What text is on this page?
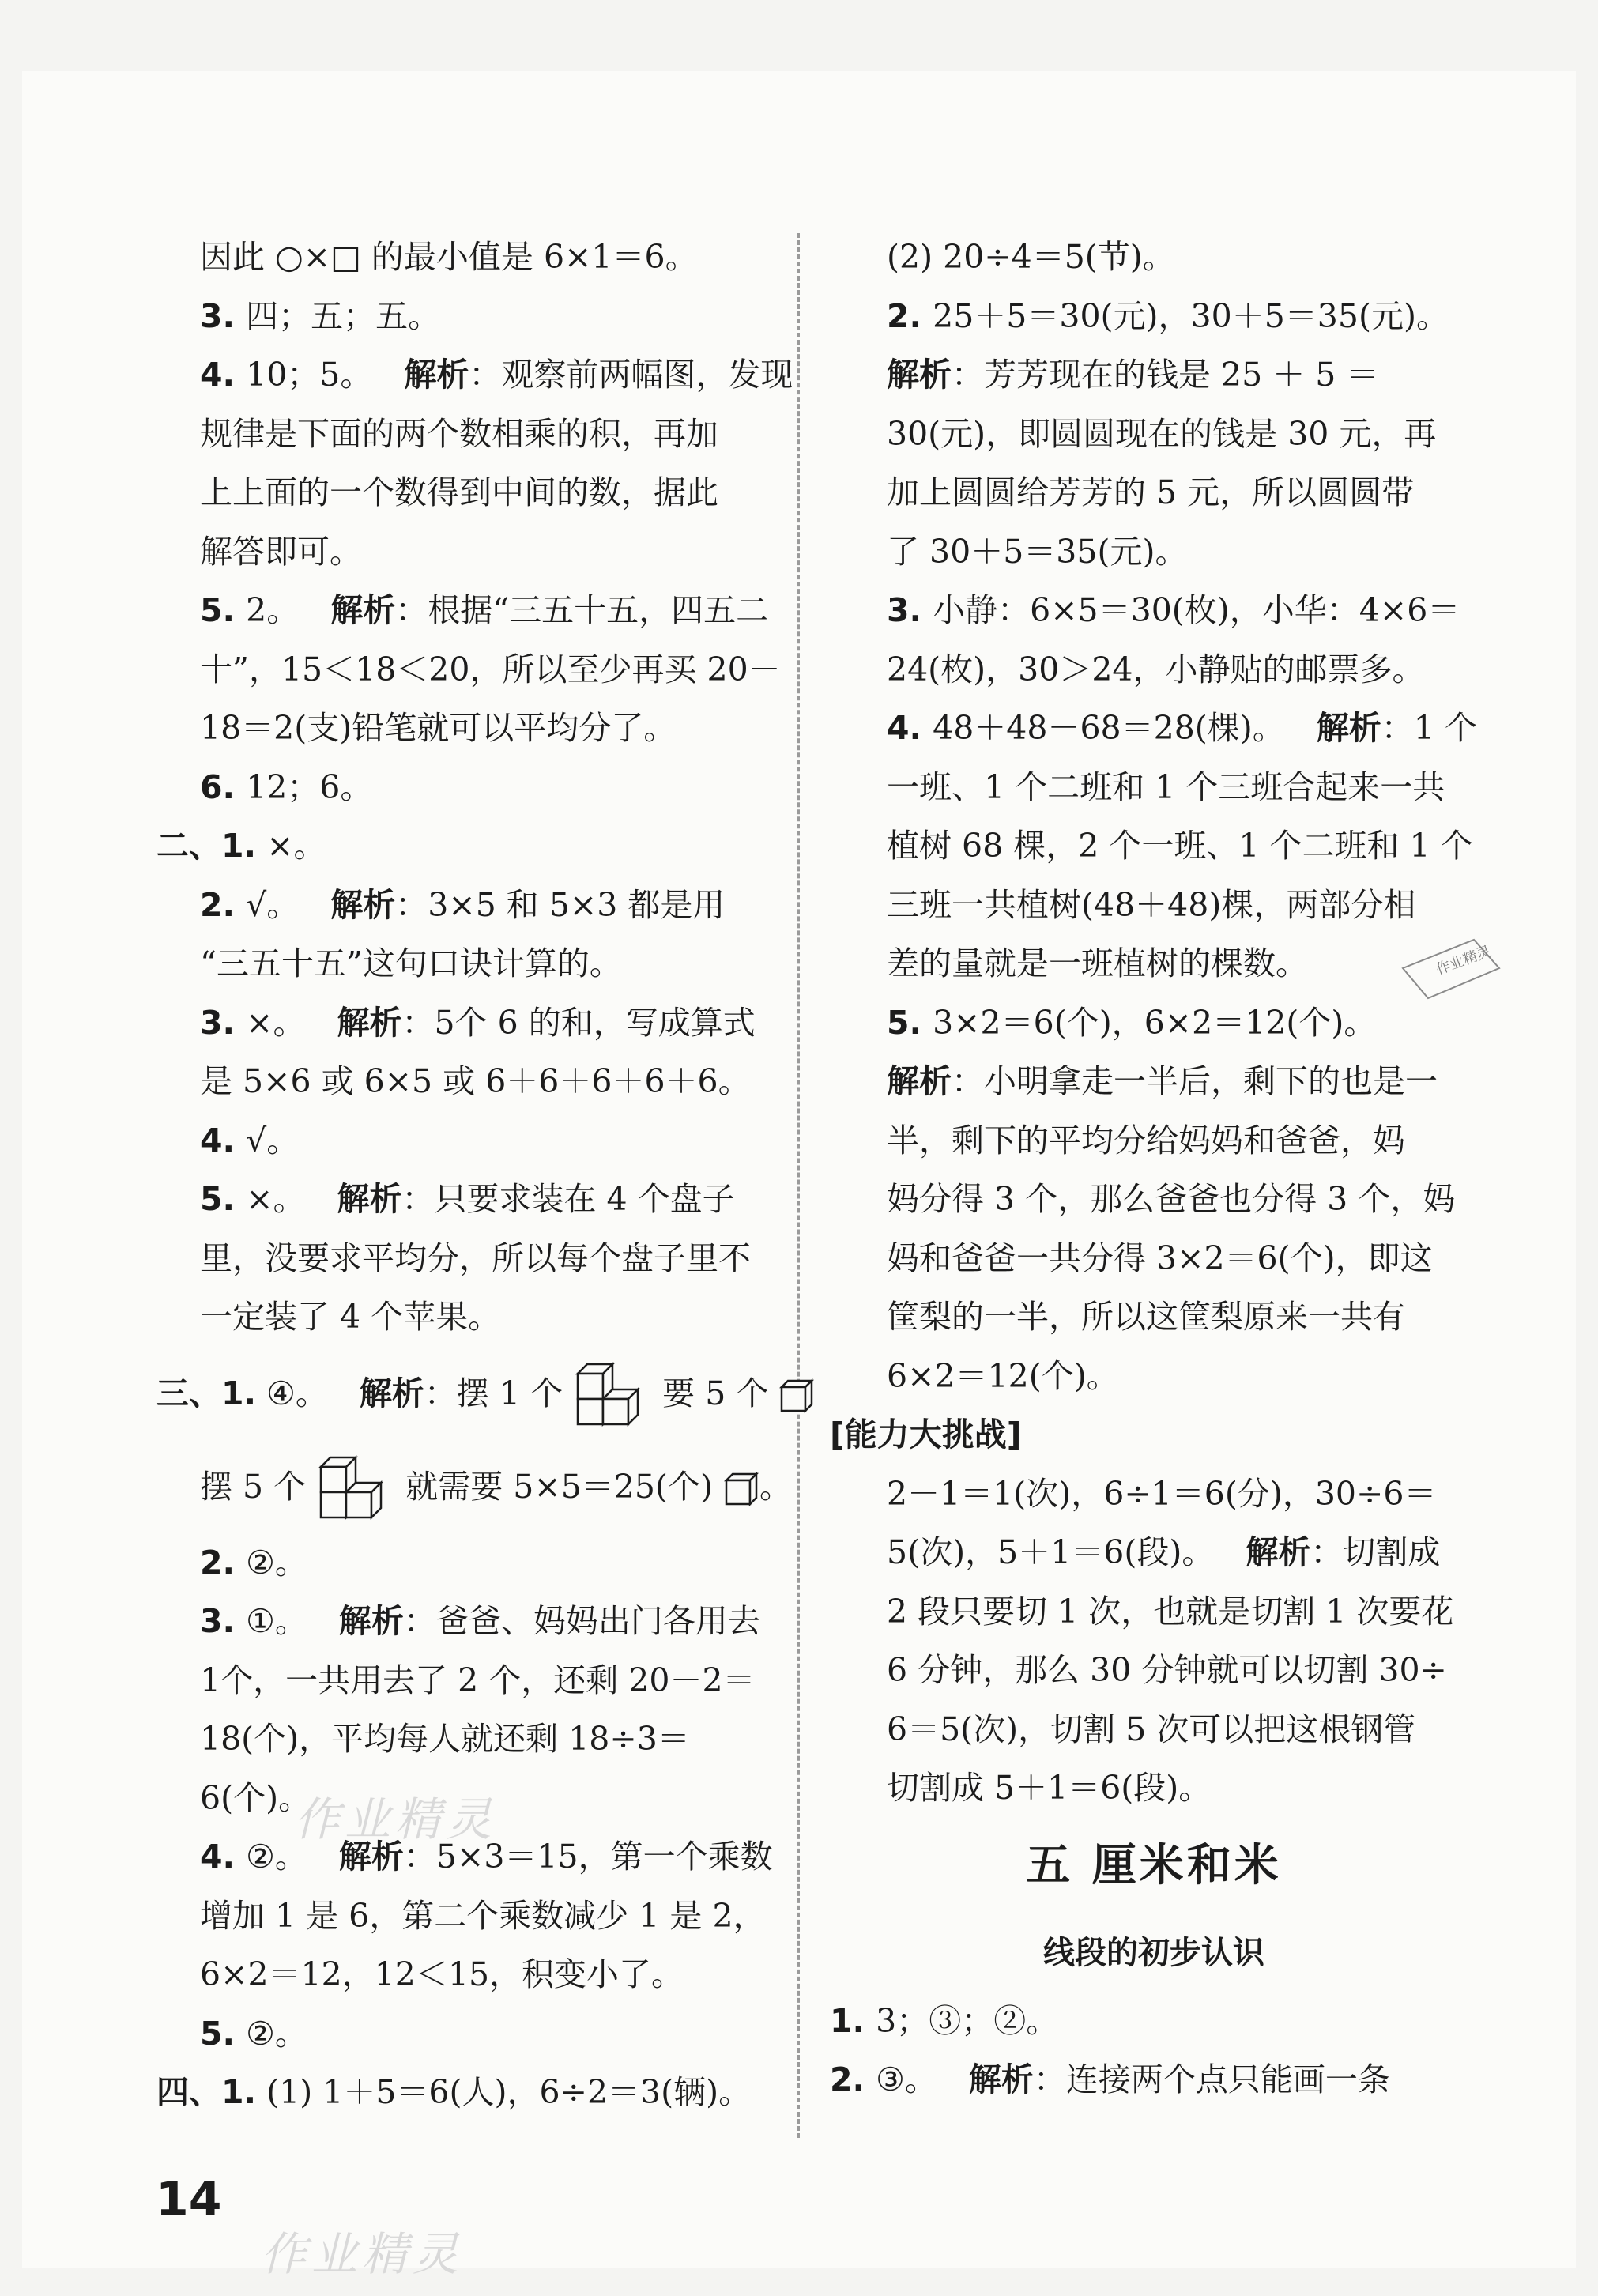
因此 ○×□ 的最小值是 6×1＝6。
3. 四；五；五。
4. 10；5。 解析：观察前两幅图，发现
规律是下面的两个数相乘的积，再加
上上面的一个数得到中间的数，据此
解答即可。
5. 2。 解析：根据“三五十五，四五二
十”，15＜18＜20，所以至少再买 20－
18＝2(支)铅笔就可以平均分了。
6. 12；6。
二、1. ×。
2. √。 解析：3×5 和 5×3 都是用
“三五十五”这句口诀计算的。
3. ×。 解析：5个 6 的和，写成算式
是 5×6 或 6×5 或 6＋6＋6＋6＋6。
4. √。
5. ×。 解析：只要求装在 4 个盘子
里，没要求平均分，所以每个盘子里不
一定装了 4 个苹果。
三、1. ④。 解析：摆 1 个	要 5 个
摆 5 个	就需要 5×5＝25(个) 。
2. ②。
3. ①。 解析：爸爸、妈妈出门各用去
1个，一共用去了 2 个，还剩 20－2＝
18(个)，平均每人就还剩 18÷3＝
6(个)。
4. ②。 解析：5×3＝15，第一个乘数
增加 1 是 6，第二个乘数减少 1 是 2，
6×2＝12，12＜15，积变小了。
5. ②。
四、1. (1) 1＋5＝6(人)，6÷2＝3(辆)。
(2) 20÷4＝5(节)。
2. 25＋5＝30(元)，30＋5＝35(元)。
解析：芳芳现在的钱是 25 ＋ 5 ＝
30(元)，即圆圆现在的钱是 30 元，再
加上圆圆给芳芳的 5 元，所以圆圆带
了 30＋5＝35(元)。
3. 小静：6×5＝30(枚)，小华：4×6＝
24(枚)，30＞24，小静贴的邮票多。
4. 48＋48－68＝28(棵)。 解析：1 个
一班、1 个二班和 1 个三班合起来一共
植树 68 棵，2 个一班、1 个二班和 1 个
三班一共植树(48＋48)棵，两部分相
差的量就是一班植树的棵数。
5. 3×2＝6(个)，6×2＝12(个)。
解析：小明拿走一半后，剩下的也是一
半，剩下的平均分给妈妈和爸爸，妈
妈分得 3 个，那么爸爸也分得 3 个，妈
妈和爸爸一共分得 3×2＝6(个)，即这
筐梨的一半，所以这筐梨原来一共有
6×2＝12(个)。
[能力大挑战]
2－1＝1(次)，6÷1＝6(分)，30÷6＝
5(次)，5＋1＝6(段)。 解析：切割成
2 段只要切 1 次，也就是切割 1 次要花
6 分钟，那么 30 分钟就可以切割 30÷
6＝5(次)，切割 5 次可以把这根钢管
切割成 5＋1＝6(段)。
五 厘米和米
线段的初步认识
1. 3；③；②。
2. ③。 解析：连接两个点只能画一条
作业精灵
作业精灵
作业精灵
14
